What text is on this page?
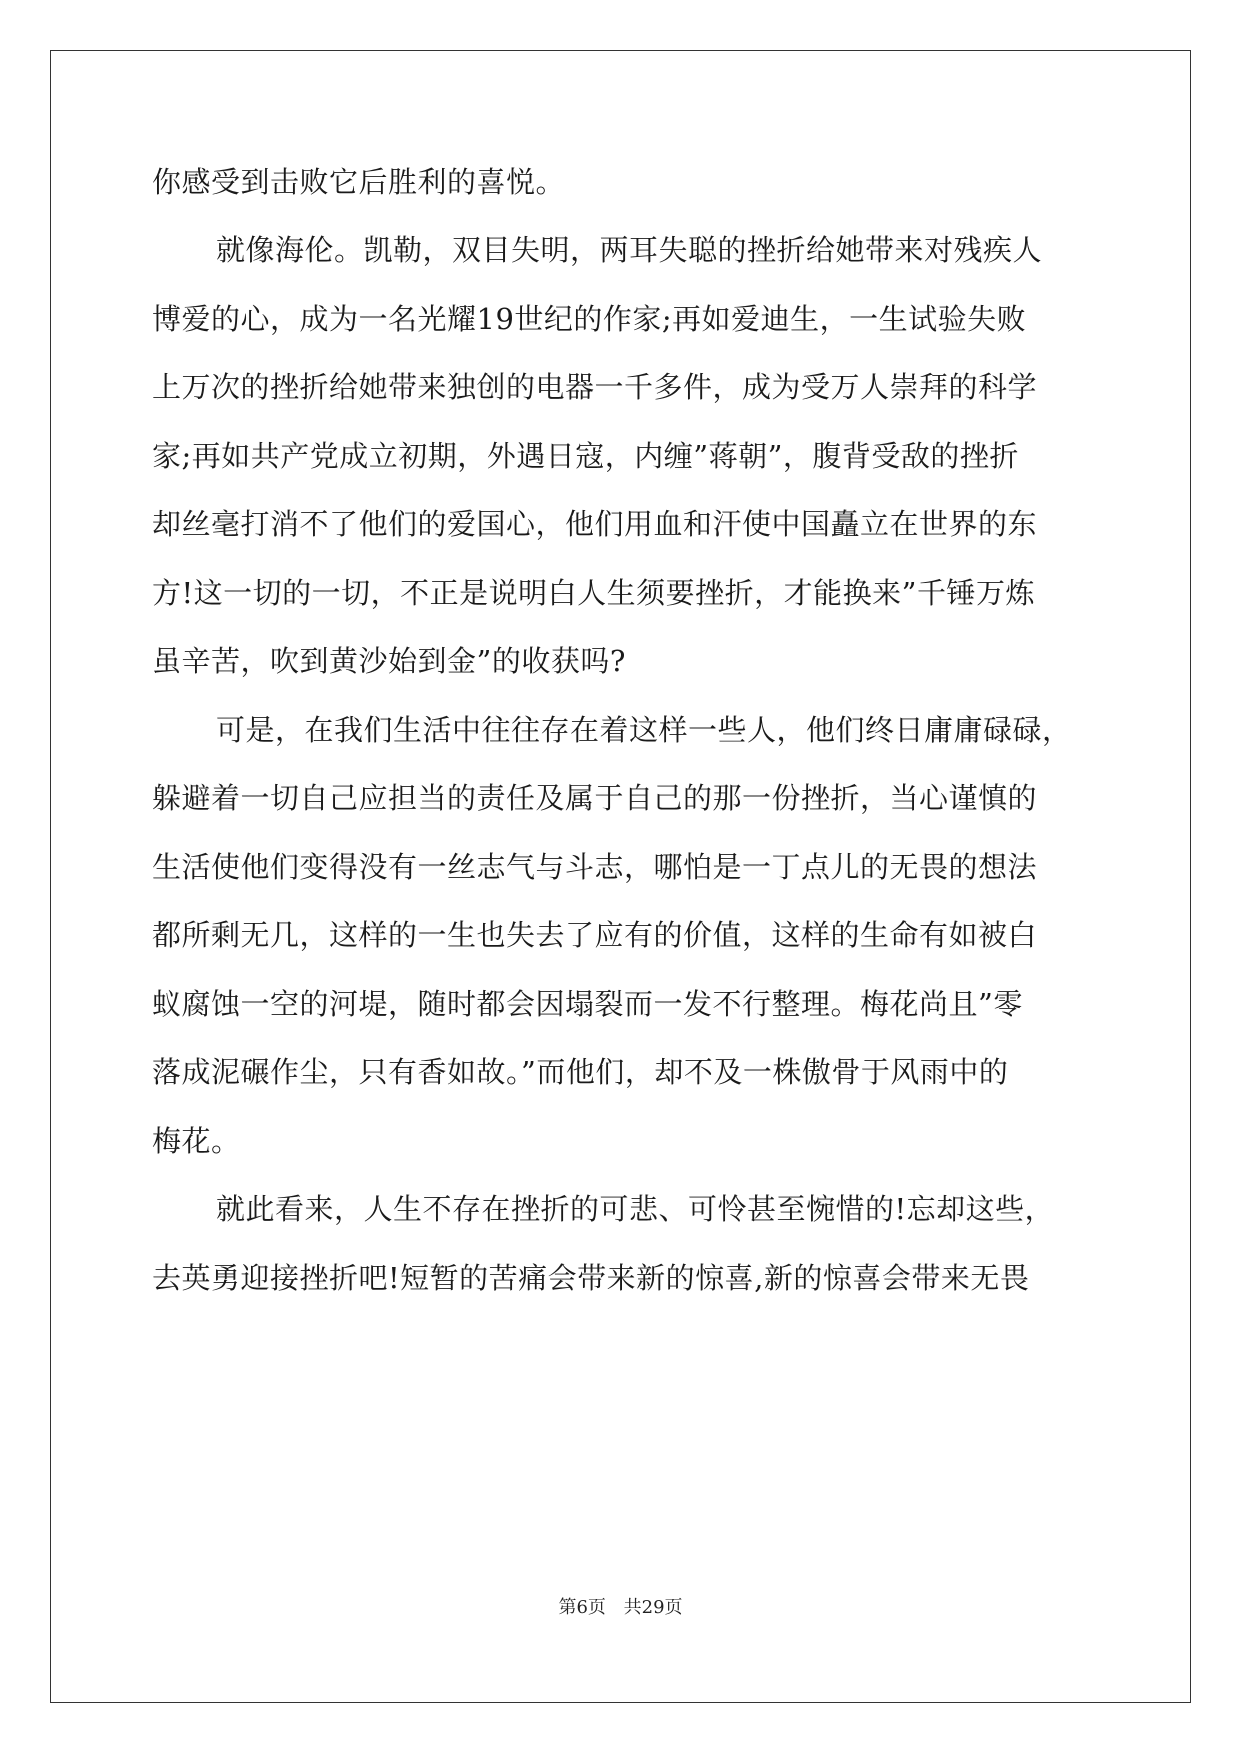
你感受到击败它后胜利的喜悦。
就像海伦。凯勒，双目失明，两耳失聪的挫折给她带来对残疾人
博爱的心，成为一名光耀19世纪的作家;再如爱迪生，一生试验失败
上万次的挫折给她带来独创的电器一千多件，成为受万人崇拜的科学
家;再如共产党成立初期，外遇日寇，内缠”蒋朝”，腹背受敌的挫折
却丝毫打消不了他们的爱国心，他们用血和汗使中国矗立在世界的东
方!这一切的一切，不正是说明白人生须要挫折，才能换来”千锤万炼
虽辛苦，吹到黄沙始到金”的收获吗?
可是，在我们生活中往往存在着这样一些人，他们终日庸庸碌碌，
躲避着一切自己应担当的责任及属于自己的那一份挫折，当心谨慎的
生活使他们变得没有一丝志气与斗志，哪怕是一丁点儿的无畏的想法
都所剩无几，这样的一生也失去了应有的价值，这样的生命有如被白
蚁腐蚀一空的河堤，随时都会因塌裂而一发不行整理。梅花尚且”零
落成泥碾作尘，只有香如故。”而他们，却不及一株傲骨于风雨中的
梅花。
就此看来，人生不存在挫折的可悲、可怜甚至惋惜的!忘却这些，
去英勇迎接挫折吧!短暂的苦痛会带来新的惊喜,新的惊喜会带来无畏
第6页 共29页
